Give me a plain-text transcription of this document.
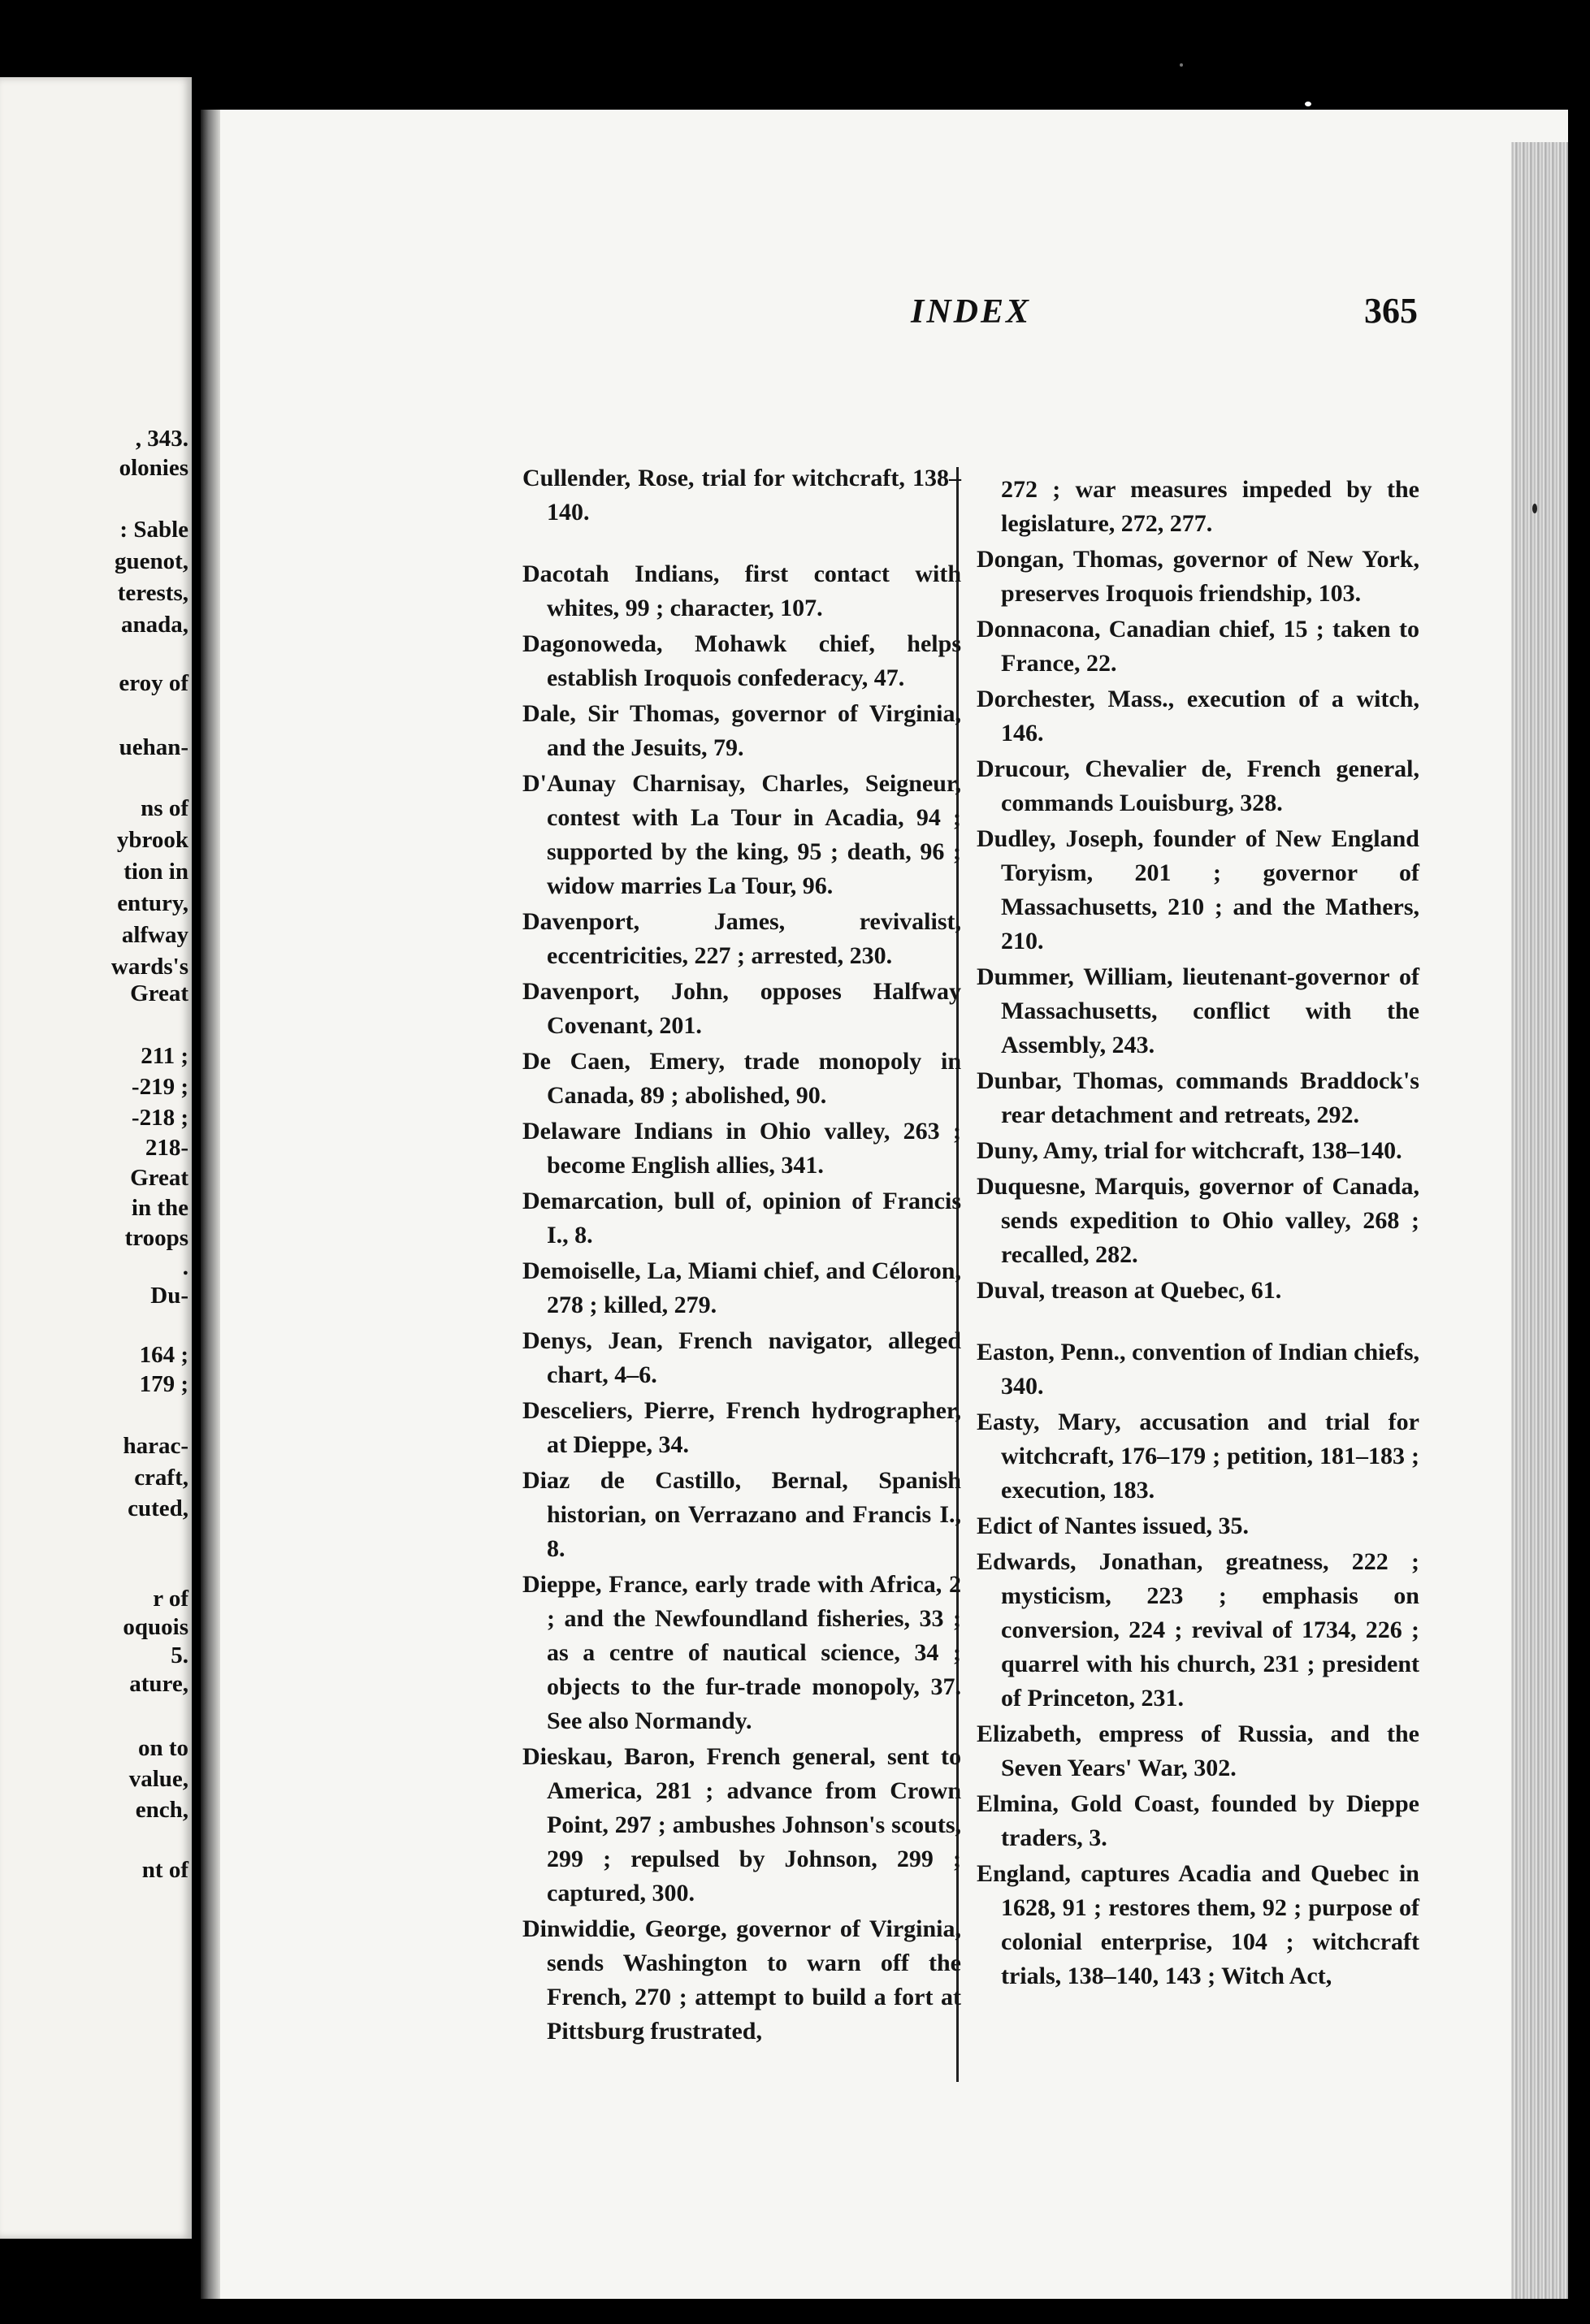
, 343.

olonies

: Sable

guenot,

terests,

anada,

eroy of

uehan-

ns of

ybrook

tion in

entury,

alfway

wards's

Great

211 ;

-219 ;

-218 ;

218-

Great

in the

troops

.

Du-

164 ;

179 ;

harac-

craft,

cuted,

r of

oquois

5.

ature,

on to

value,

ench,

nt of

INDEX	365

Cullender, Rose, trial for witchcraft, 138–140.

Dacotah Indians, first contact with whites, 99 ; character, 107.

Dagonoweda, Mohawk chief, helps establish Iroquois confederacy, 47.

Dale, Sir Thomas, governor of Virginia, and the Jesuits, 79.

D'Aunay Charnisay, Charles, Seigneur, contest with La Tour in Acadia, 94 ; supported by the king, 95 ; death, 96 ; widow marries La Tour, 96.

Davenport, James, revivalist, eccentricities, 227 ; arrested, 230.

Davenport, John, opposes Halfway Covenant, 201.

De Caen, Emery, trade monopoly in Canada, 89 ; abolished, 90.

Delaware Indians in Ohio valley, 263 ; become English allies, 341.

Demarcation, bull of, opinion of Francis I., 8.

Demoiselle, La, Miami chief, and Céloron, 278 ; killed, 279.

Denys, Jean, French navigator, alleged chart, 4–6.

Desceliers, Pierre, French hydrographer, at Dieppe, 34.

Diaz de Castillo, Bernal, Spanish historian, on Verrazano and Francis I., 8.

Dieppe, France, early trade with Africa, 2 ; and the Newfoundland fisheries, 33 ; as a centre of nautical science, 34 ; objects to the fur-trade monopoly, 37. See also Normandy.

Dieskau, Baron, French general, sent to America, 281 ; advance from Crown Point, 297 ; ambushes Johnson's scouts, 299 ; repulsed by Johnson, 299 ; captured, 300.

Dinwiddie, George, governor of Virginia, sends Washington to warn off the French, 270 ; attempt to build a fort at Pittsburg frustrated,

272 ; war measures impeded by the legislature, 272, 277.

Dongan, Thomas, governor of New York, preserves Iroquois friendship, 103.

Donnacona, Canadian chief, 15 ; taken to France, 22.

Dorchester, Mass., execution of a witch, 146.

Drucour, Chevalier de, French general, commands Louisburg, 328.

Dudley, Joseph, founder of New England Toryism, 201 ; governor of Massachusetts, 210 ; and the Mathers, 210.

Dummer, William, lieutenant-governor of Massachusetts, conflict with the Assembly, 243.

Dunbar, Thomas, commands Braddock's rear detachment and retreats, 292.

Duny, Amy, trial for witchcraft, 138–140.

Duquesne, Marquis, governor of Canada, sends expedition to Ohio valley, 268 ; recalled, 282.

Duval, treason at Quebec, 61.

Easton, Penn., convention of Indian chiefs, 340.

Easty, Mary, accusation and trial for witchcraft, 176–179 ; petition, 181–183 ; execution, 183.

Edict of Nantes issued, 35.

Edwards, Jonathan, greatness, 222 ; mysticism, 223 ; emphasis on conversion, 224 ; revival of 1734, 226 ; quarrel with his church, 231 ; president of Princeton, 231.

Elizabeth, empress of Russia, and the Seven Years' War, 302.

Elmina, Gold Coast, founded by Dieppe traders, 3.

England, captures Acadia and Quebec in 1628, 91 ; restores them, 92 ; purpose of colonial enterprise, 104 ; witchcraft trials, 138–140, 143 ; Witch Act,
